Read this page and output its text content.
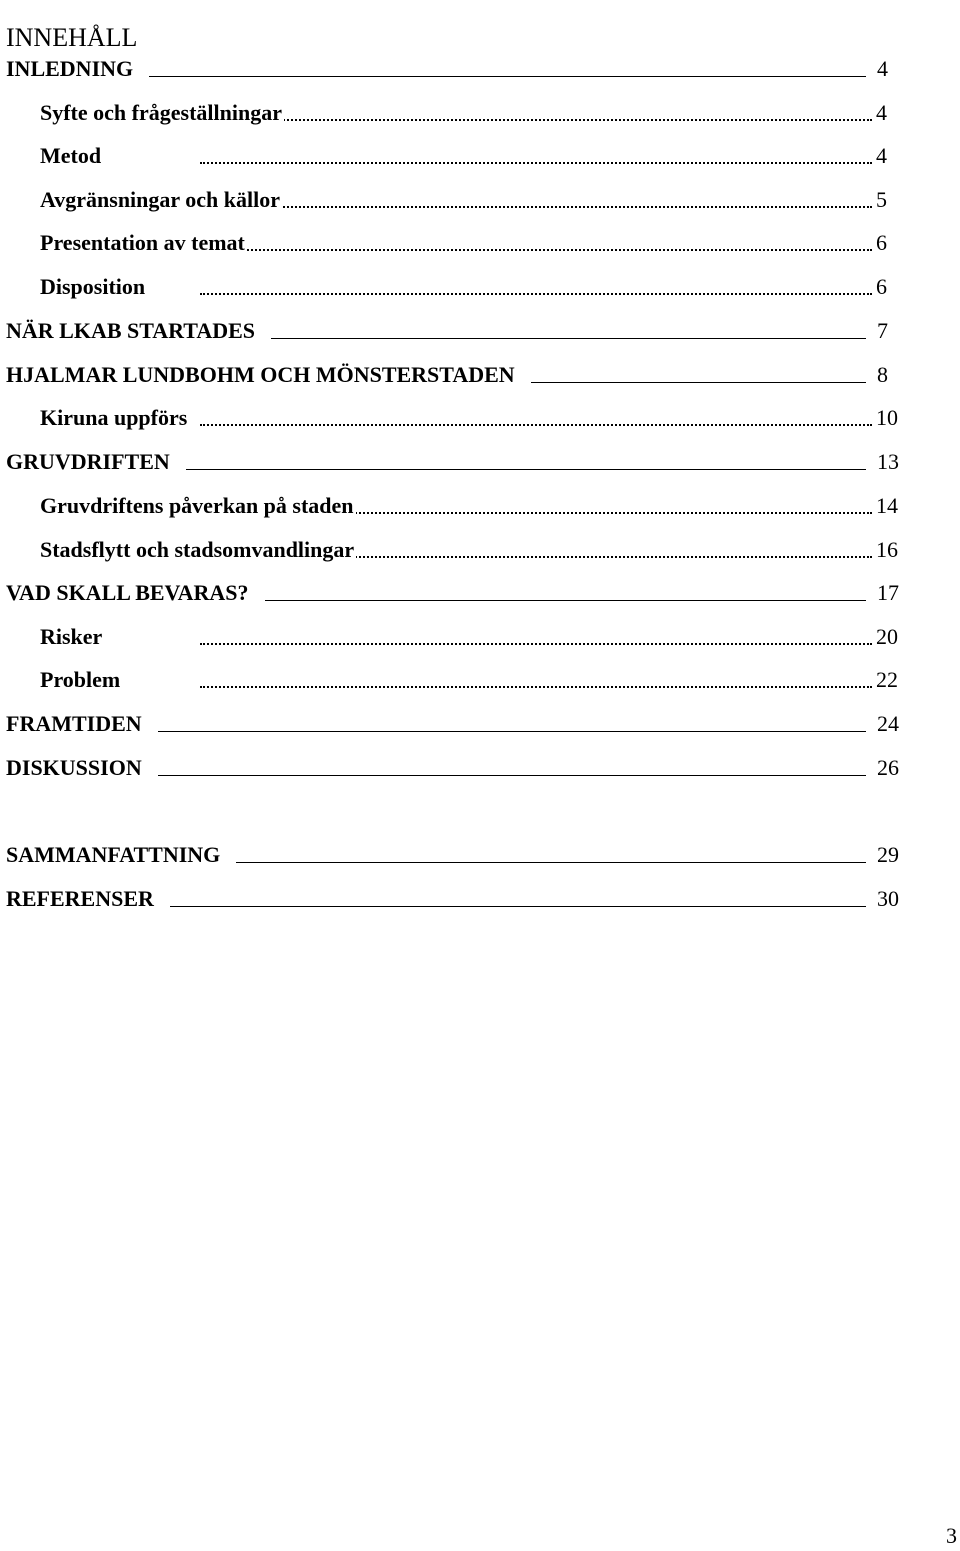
INNEHÅLL
INLEDNING	4
Syfte och frågeställningar	4
Metod	4
Avgränsningar och källor	5
Presentation av temat	6
Disposition	6
NÄR LKAB STARTADES	7
HJALMAR LUNDBOHM OCH MÖNSTERSTADEN	8
Kiruna uppförs	10
GRUVDRIFTEN	13
Gruvdriftens påverkan på staden	14
Stadsflytt och stadsomvandlingar	16
VAD SKALL BEVARAS?	17
Risker	20
Problem	22
FRAMTIDEN	24
DISKUSSION	26
SAMMANFATTNING	29
REFERENSER	30
3
